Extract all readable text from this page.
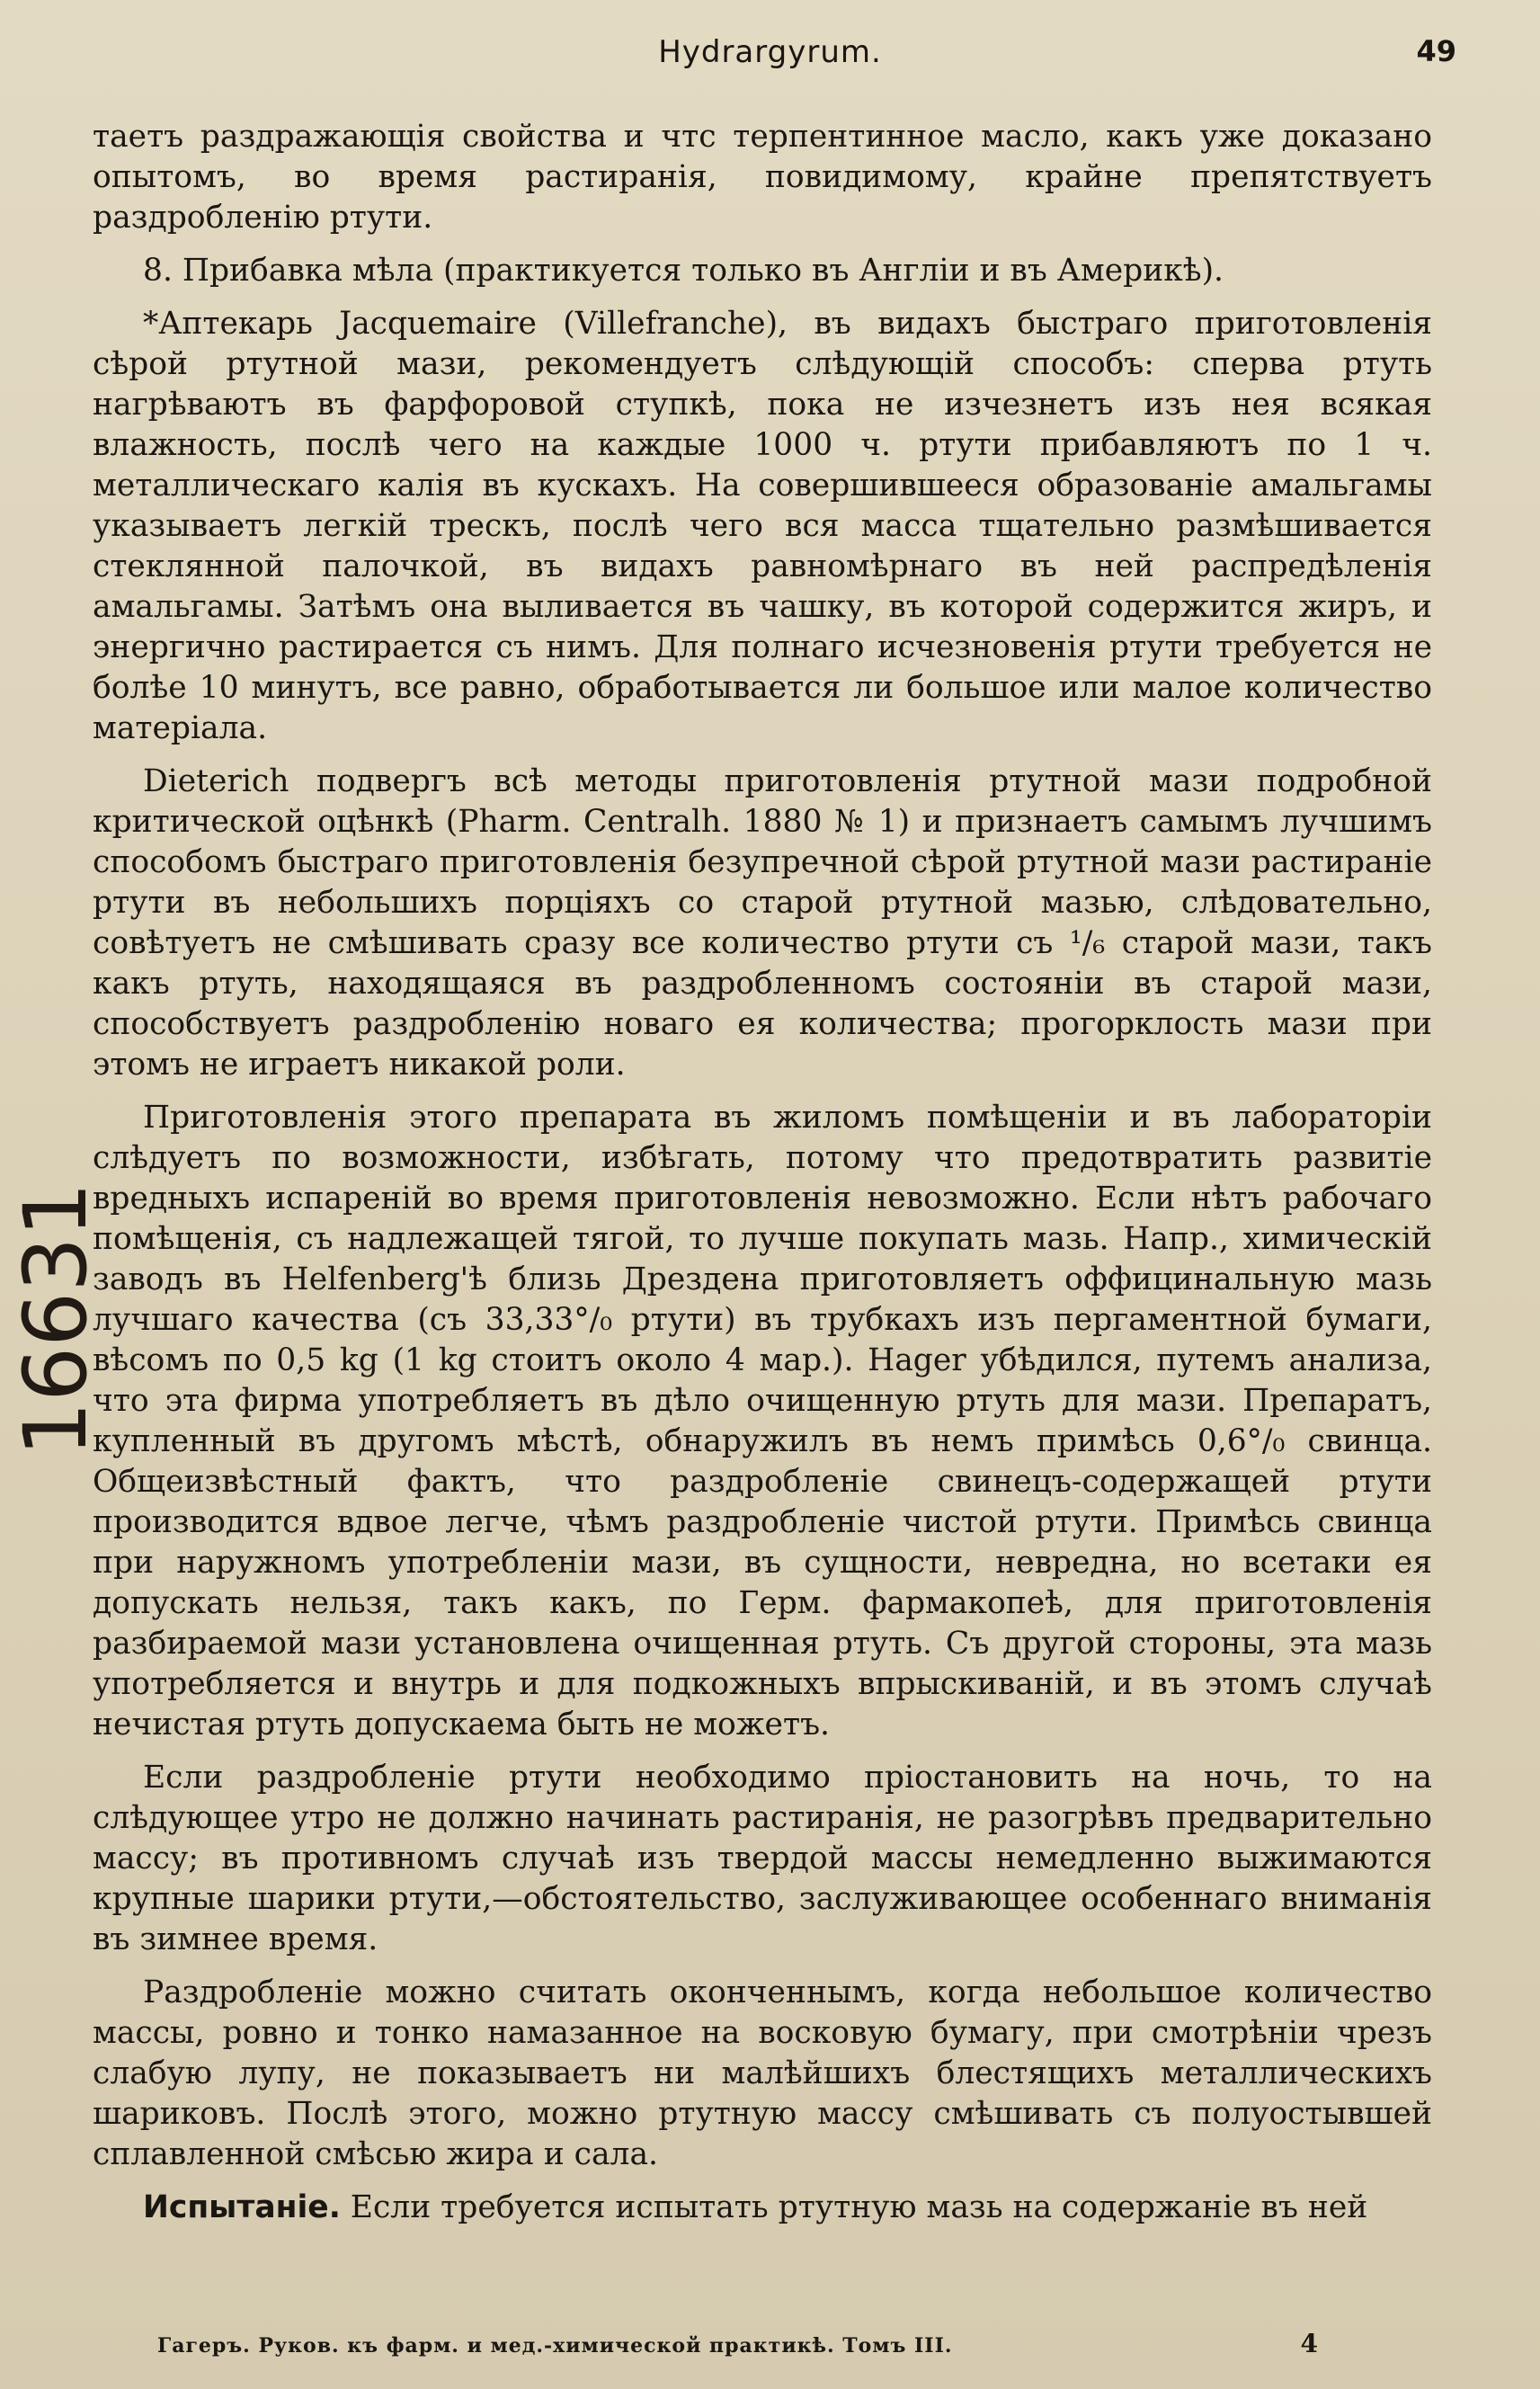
Hydrargyrum.	49
16631

таетъ раздражающія свойства и чтс терпентинное масло, какъ уже доказано опытомъ, во время растиранія, повидимому, крайне препятствуетъ раздробленію ртути.

8. Прибавка мѣла (практикуется только въ Англіи и въ Америкѣ).

*Аптекарь Jacquemaire (Villefranche), въ видахъ быстраго приготовленія сѣрой ртутной мази, рекомендуетъ слѣдующій способъ: сперва ртуть нагрѣваютъ въ фарфоровой ступкѣ, пока не изчезнетъ изъ нея всякая влажность, послѣ чего на каждые 1000 ч. ртути прибавляютъ по 1 ч. металлическаго калія въ кускахъ. На совершившееся образованіе амальгамы указываетъ легкій трескъ, послѣ чего вся масса тщательно размѣшивается стеклянной палочкой, въ видахъ равномѣрнаго въ ней распредѣленія амальгамы. Затѣмъ она выливается въ чашку, въ которой содержится жиръ, и энергично растирается съ нимъ. Для полнаго исчезновенія ртути требуется не болѣе 10 минутъ, все равно, обработывается ли большое или малое количество матеріала.

Dieterich подвергъ всѣ методы приготовленія ртутной мази подробной критической оцѣнкѣ (Pharm. Centralh. 1880 № 1) и признаетъ самымъ лучшимъ способомъ быстраго приготовленія безупречной сѣрой ртутной мази растираніе ртути въ небольшихъ порціяхъ со старой ртутной мазью, слѣдовательно, совѣтуетъ не смѣшивать сразу все количество ртути съ ¹/₆ старой мази, такъ какъ ртуть, находящаяся въ раздробленномъ состояніи въ старой мази, способствуетъ раздробленію новаго ея количества; прогорклость мази при этомъ не играетъ никакой роли.

Приготовленія этого препарата въ жиломъ помѣщеніи и въ лабораторіи слѣдуетъ по возможности, избѣгать, потому что предотвратить развитіе вредныхъ испареній во время приготовленія невозможно. Если нѣтъ рабочаго помѣщенія, съ надлежащей тягой, то лучше покупать мазь. Напр., химическій заводъ въ Helfenberg'ѣ близь Дрездена приготовляетъ оффицинальную мазь лучшаго качества (съ 33,33°/₀ ртути) въ трубкахъ изъ пергаментной бумаги, вѣсомъ по 0,5 kg (1 kg стоитъ около 4 мар.). Hager убѣдился, путемъ анализа, что эта фирма употребляетъ въ дѣло очищенную ртуть для мази. Препаратъ, купленный въ другомъ мѣстѣ, обнаружилъ въ немъ примѣсь 0,6°/₀ свинца. Общеизвѣстный фактъ, что раздробленіе свинецъ-содержащей ртути производится вдвое легче, чѣмъ раздробленіе чистой ртути. Примѣсь свинца при наружномъ употребленіи мази, въ сущности, невредна, но всетаки ея допускать нельзя, такъ какъ, по Герм. фармакопеѣ, для приготовленія разбираемой мази установлена очищенная ртуть. Съ другой стороны, эта мазь употребляется и внутрь и для подкожныхъ впрыскиваній, и въ этомъ случаѣ нечистая ртуть допускаема быть не можетъ.

Если раздробленіе ртути необходимо пріостановить на ночь, то на слѣдующее утро не должно начинать растиранія, не разогрѣвъ предварительно массу; въ противномъ случаѣ изъ твердой массы немедленно выжимаются крупные шарики ртути,—обстоятельство, заслуживающее особеннаго вниманія въ зимнее время.

Раздробленіе можно считать оконченнымъ, когда небольшое количество массы, ровно и тонко намазанное на восковую бумагу, при смотрѣніи чрезъ слабую лупу, не показываетъ ни малѣйшихъ блестящихъ металлическихъ шариковъ. Послѣ этого, можно ртутную массу смѣшивать съ полуостывшей сплавленной смѣсью жира и сала.

Испытаніе. Если требуется испытать ртутную мазь на содержаніе въ ней

Гагеръ. Руков. къ фарм. и мед.-химической практикѣ. Томъ III.	4
